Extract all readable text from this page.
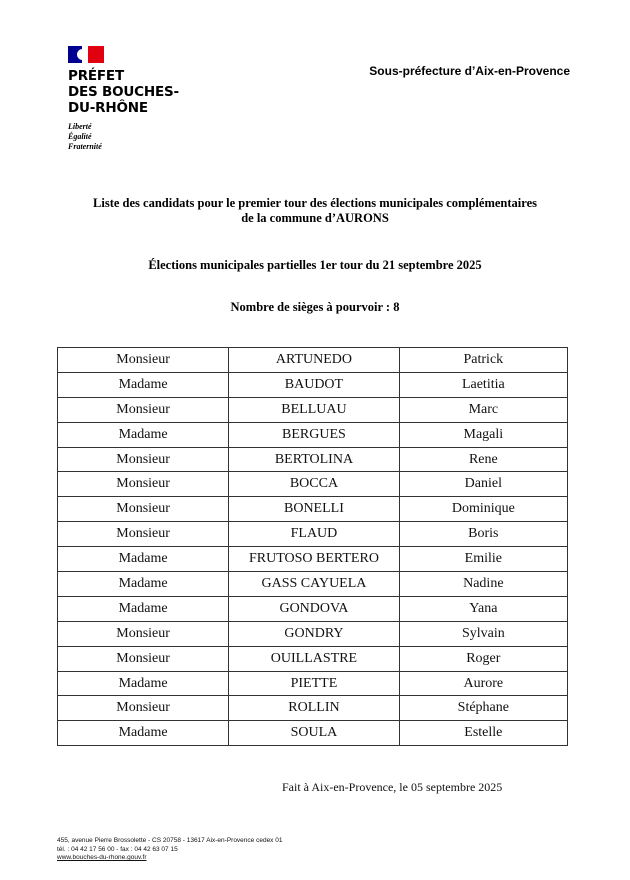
PRÉFET
DES BOUCHES-
DU-RHÔNE
Liberté
Égalité
Fraternité
Sous-préfecture d’Aix-en-Provence
Liste des candidats pour le premier tour des élections municipales complémentaires
de la commune d’AURONS
Élections municipales partielles 1er tour du 21 septembre 2025
Nombre de sièges à pourvoir : 8
Monsieur	ARTUNEDO	Patrick
Madame	BAUDOT	Laetitia
Monsieur	BELLUAU	Marc
Madame	BERGUES	Magali
Monsieur	BERTOLINA	Rene
Monsieur	BOCCA	Daniel
Monsieur	BONELLI	Dominique
Monsieur	FLAUD	Boris
Madame	FRUTOSO BERTERO	Emilie
Madame	GASS CAYUELA	Nadine
Madame	GONDOVA	Yana
Monsieur	GONDRY	Sylvain
Monsieur	OUILLASTRE	Roger
Madame	PIETTE	Aurore
Monsieur	ROLLIN	Stéphane
Madame	SOULA	Estelle
Fait à Aix-en-Provence, le 05 septembre 2025
455, avenue Pierre Brossolette - CS 20758 - 13617 Aix-en-Provence cedex 01
tél. : 04 42 17 56 00 - fax : 04 42 63 07 15
www.bouches-du-rhone.gouv.fr
